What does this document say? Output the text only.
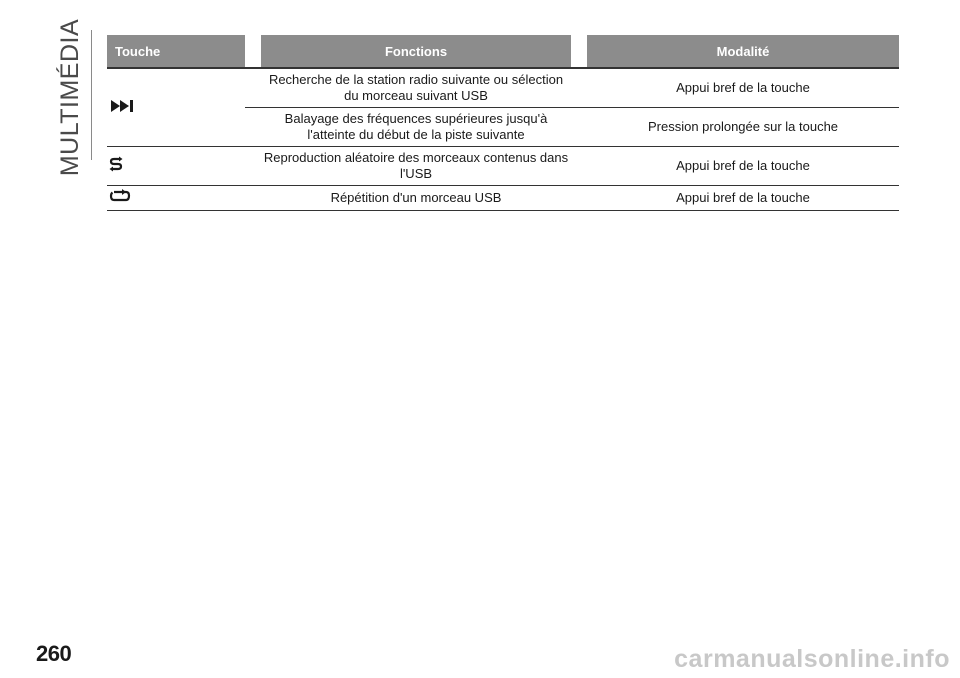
MULTIMÉDIA Touche		Fonctions		Modalité
		Recherche de la station radio suivante ou sélection du morceau suivant USB		Appui bref de la touche
		Balayage des fréquences supérieures jusqu'à l'atteinte du début de la piste suivante		Pression prolongée sur la touche
		Reproduction aléatoire des morceaux contenus dans l'USB		Appui bref de la touche
		Répétition d'un morceau USB		Appui bref de la touche
260	carmanualsonline.info
